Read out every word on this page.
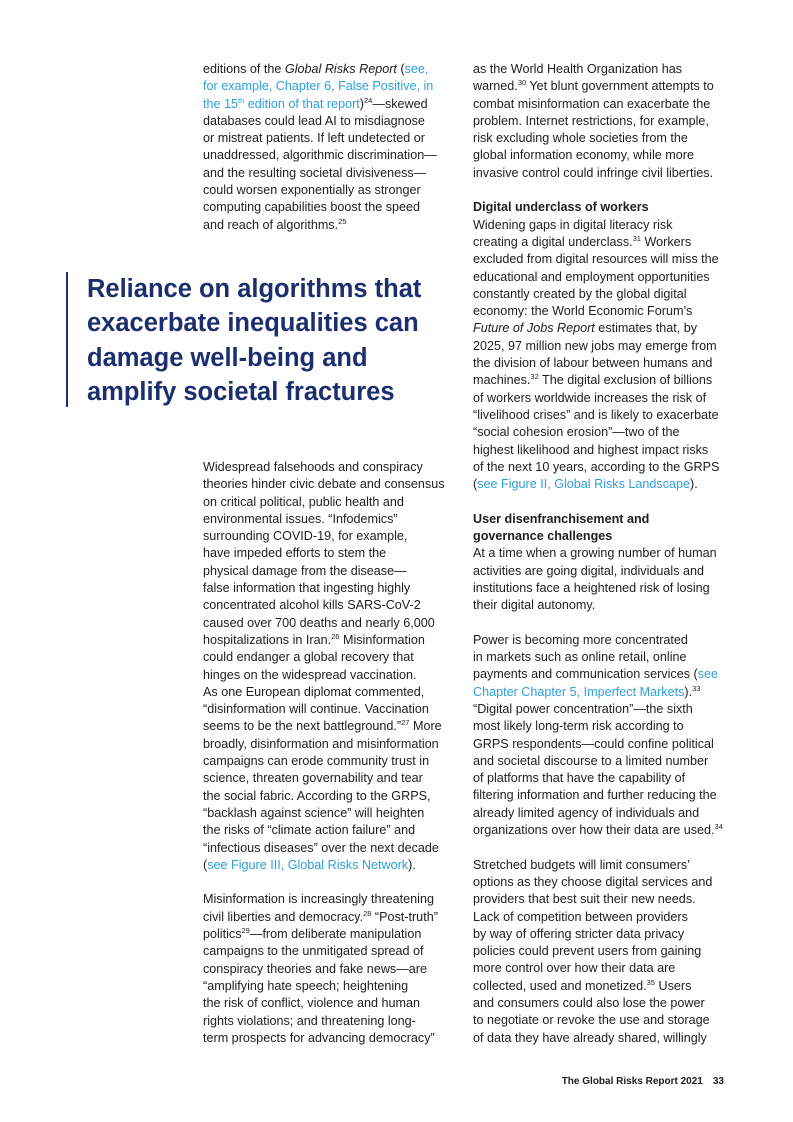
editions of the Global Risks Report (see,
for example, Chapter 6, False Positive, in
the 15th edition of that report)$^{24}$—skewed
databases could lead AI to misdiagnose
or mistreat patients. If left undetected or
unaddressed, algorithmic discrimination—
and the resulting societal divisiveness—
could worsen exponentially as stronger
computing capabilities boost the speed
and reach of algorithms.$^{25}$
Reliance on algorithms that
exacerbate inequalities can
damage well-being and
amplify societal fractures
Widespread falsehoods and conspiracy
theories hinder civic debate and consensus
on critical political, public health and
environmental issues. “Infodemics”
surrounding COVID-19, for example,
have impeded efforts to stem the
physical damage from the disease—
false information that ingesting highly
concentrated alcohol kills SARS-CoV-2
caused over 700 deaths and nearly 6,000
hospitalizations in Iran.$^{26}$ Misinformation
could endanger a global recovery that
hinges on the widespread vaccination.
As one European diplomat commented,
“disinformation will continue. Vaccination
seems to be the next battleground.”$^{27}$ More
broadly, disinformation and misinformation
campaigns can erode community trust in
science, threaten governability and tear
the social fabric. According to the GRPS,
“backlash against science” will heighten
the risks of “climate action failure” and
“infectious diseases” over the next decade
(see Figure III, Global Risks Network).
Misinformation is increasingly threatening
civil liberties and democracy.$^{28}$ “Post-truth”
politics$^{29}$—from deliberate manipulation
campaigns to the unmitigated spread of
conspiracy theories and fake news—are
“amplifying hate speech; heightening
the risk of conflict, violence and human
rights violations; and threatening long-
term prospects for advancing democracy”
as the World Health Organization has
warned.$^{30}$ Yet blunt government attempts to
combat misinformation can exacerbate the
problem. Internet restrictions, for example,
risk excluding whole societies from the
global information economy, while more
invasive control could infringe civil liberties.
Digital underclass of workers
Widening gaps in digital literacy risk
creating a digital underclass.$^{31}$ Workers
excluded from digital resources will miss the
educational and employment opportunities
constantly created by the global digital
economy: the World Economic Forum’s
Future of Jobs Report estimates that, by
2025, 97 million new jobs may emerge from
the division of labour between humans and
machines.$^{32}$ The digital exclusion of billions
of workers worldwide increases the risk of
“livelihood crises” and is likely to exacerbate
“social cohesion erosion”—two of the
highest likelihood and highest impact risks
of the next 10 years, according to the GRPS
(see Figure II, Global Risks Landscape).
User disenfranchisement and
governance challenges
At a time when a growing number of human
activities are going digital, individuals and
institutions face a heightened risk of losing
their digital autonomy.
Power is becoming more concentrated
in markets such as online retail, online
payments and communication services (see
Chapter Chapter 5, Imperfect Markets).$^{33}$
“Digital power concentration”—the sixth
most likely long-term risk according to
GRPS respondents—could confine political
and societal discourse to a limited number
of platforms that have the capability of
filtering information and further reducing the
already limited agency of individuals and
organizations over how their data are used.$^{34}$
Stretched budgets will limit consumers’
options as they choose digital services and
providers that best suit their new needs.
Lack of competition between providers
by way of offering stricter data privacy
policies could prevent users from gaining
more control over how their data are
collected, used and monetized.$^{35}$ Users
and consumers could also lose the power
to negotiate or revoke the use and storage
of data they have already shared, willingly
The Global Risks Report 2021 33
